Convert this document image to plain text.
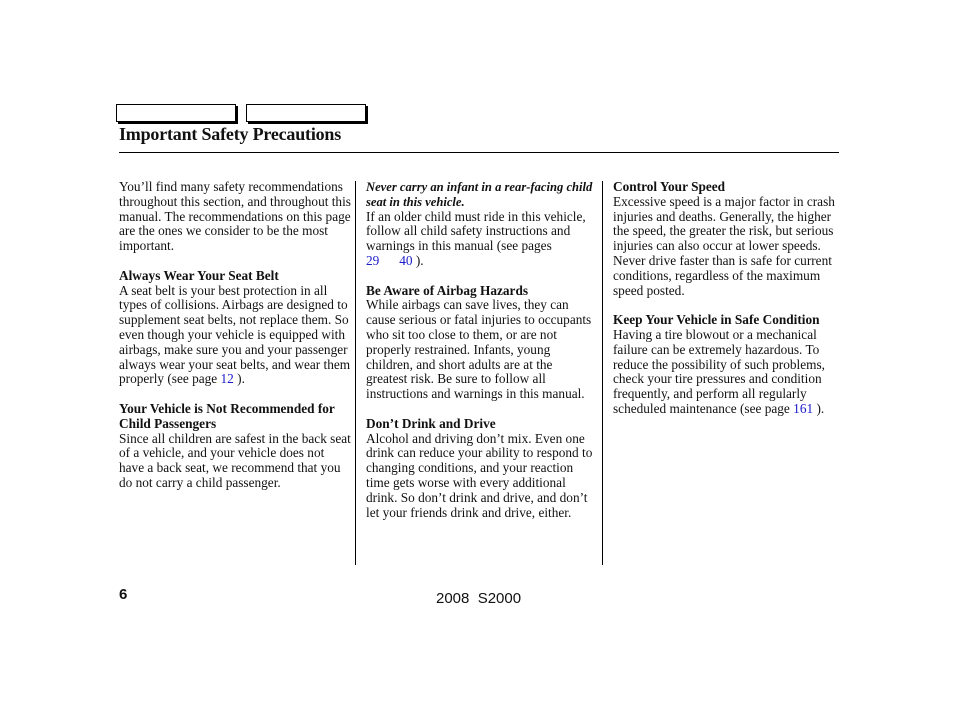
Important Safety Precautions

You’ll find many safety recommendations throughout this section, and throughout this manual. The recommendations on this page are the ones we consider to be the most important.

Always Wear Your Seat Belt

A seat belt is your best protection in all types of collisions. Airbags are designed to supplement seat belts, not replace them. So even though your vehicle is equipped with airbags, make sure you and your passenger always wear your seat belts, and wear them properly (see page 12 ).

Your Vehicle is Not Recommended for Child Passengers

Since all children are safest in the back seat of a vehicle, and your vehicle does not have a back seat, we recommend that you do not carry a child passenger.

Never carry an infant in a rear-facing child seat in this vehicle.

If an older child must ride in this vehicle, follow all child safety instructions and warnings in this manual (see pages 29 40 ).

Be Aware of Airbag Hazards

While airbags can save lives, they can cause serious or fatal injuries to occupants who sit too close to them, or are not properly restrained. Infants, young children, and short adults are at the greatest risk. Be sure to follow all instructions and warnings in this manual.

Don’t Drink and Drive

Alcohol and driving don’t mix. Even one drink can reduce your ability to respond to changing conditions, and your reaction time gets worse with every additional drink. So don’t drink and drive, and don’t let your friends drink and drive, either.

Control Your Speed

Excessive speed is a major factor in crash injuries and deaths. Generally, the higher the speed, the greater the risk, but serious injuries can also occur at lower speeds. Never drive faster than is safe for current conditions, regardless of the maximum speed posted.

Keep Your Vehicle in Safe Condition

Having a tire blowout or a mechanical failure can be extremely hazardous. To reduce the possibility of such problems, check your tire pressures and condition frequently, and perform all regularly scheduled maintenance (see page 161 ).

6	2008  S2000
